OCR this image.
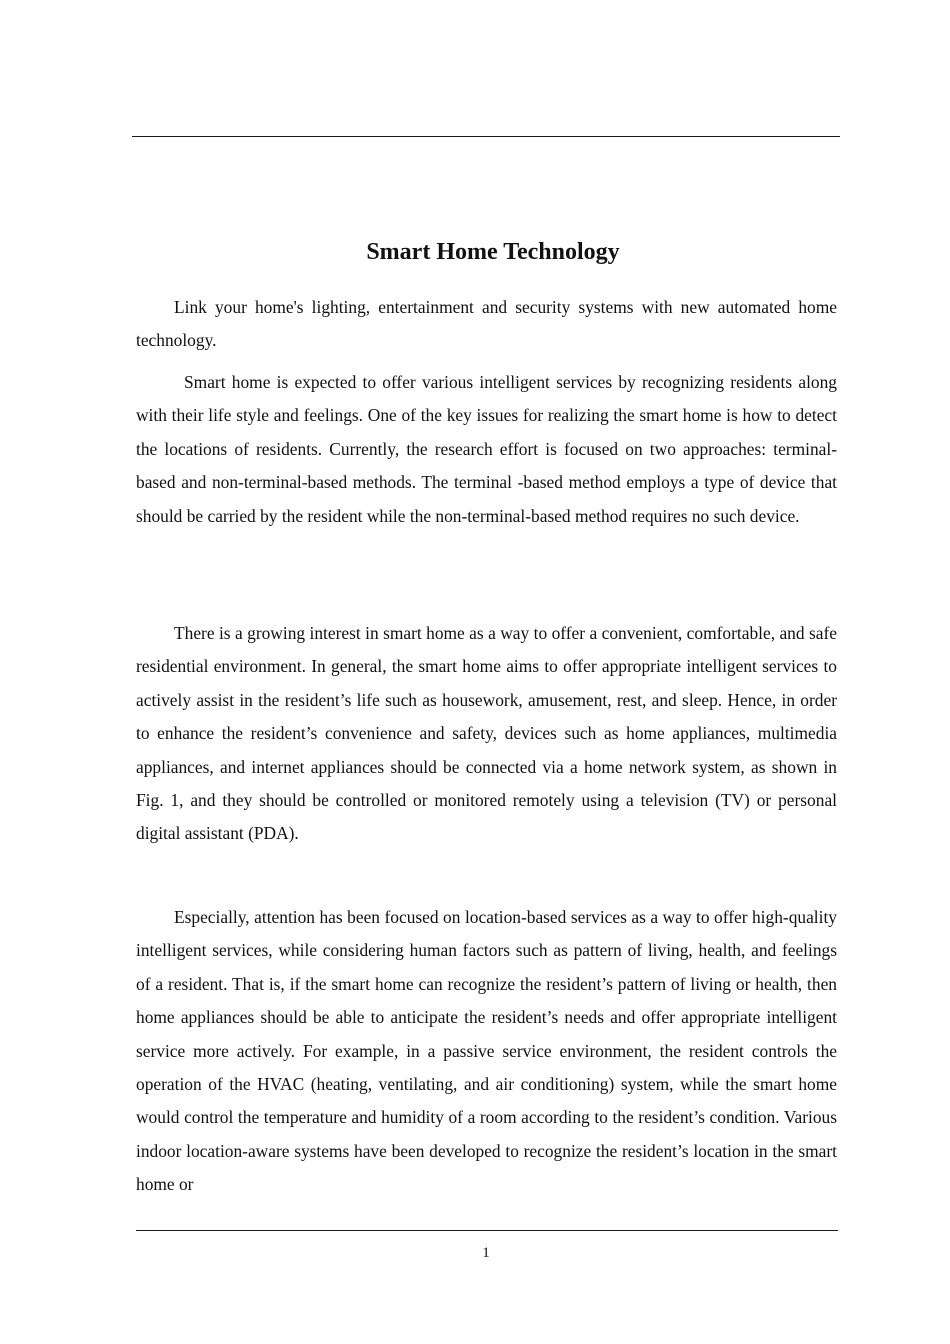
Smart Home Technology

Link your home's lighting, entertainment and security systems with new automated home technology.

Smart home is expected to offer various intelligent services by recognizing residents along with their life style and feelings. One of the key issues for realizing the smart home is how to detect the locations of residents. Currently, the research effort is focused on two approaches: terminal-based and non-terminal-based methods. The terminal -based method employs a type of device that should be carried by the resident while the non-terminal-based method requires no such device.

There is a growing interest in smart home as a way to offer a convenient, comfortable, and safe residential environment. In general, the smart home aims to offer appropriate intelligent services to actively assist in the resident’s life such as housework, amusement, rest, and sleep. Hence, in order to enhance the resident’s convenience and safety, devices such as home appliances, multimedia appliances, and internet appliances should be connected via a home network system, as shown in Fig. 1, and they should be controlled or monitored remotely using a television (TV) or personal digital assistant (PDA).

Especially, attention has been focused on location-based services as a way to offer high-quality intelligent services, while considering human factors such as pattern of living, health, and feelings of a resident. That is, if the smart home can recognize the resident’s pattern of living or health, then home appliances should be able to anticipate the resident’s needs and offer appropriate intelligent service more actively. For example, in a passive service environment, the resident controls the operation of the HVAC (heating, ventilating, and air conditioning) system, while the smart home would control the temperature and humidity of a room according to the resident’s condition. Various indoor location-aware systems have been developed to recognize the resident’s location in the smart home or

1
